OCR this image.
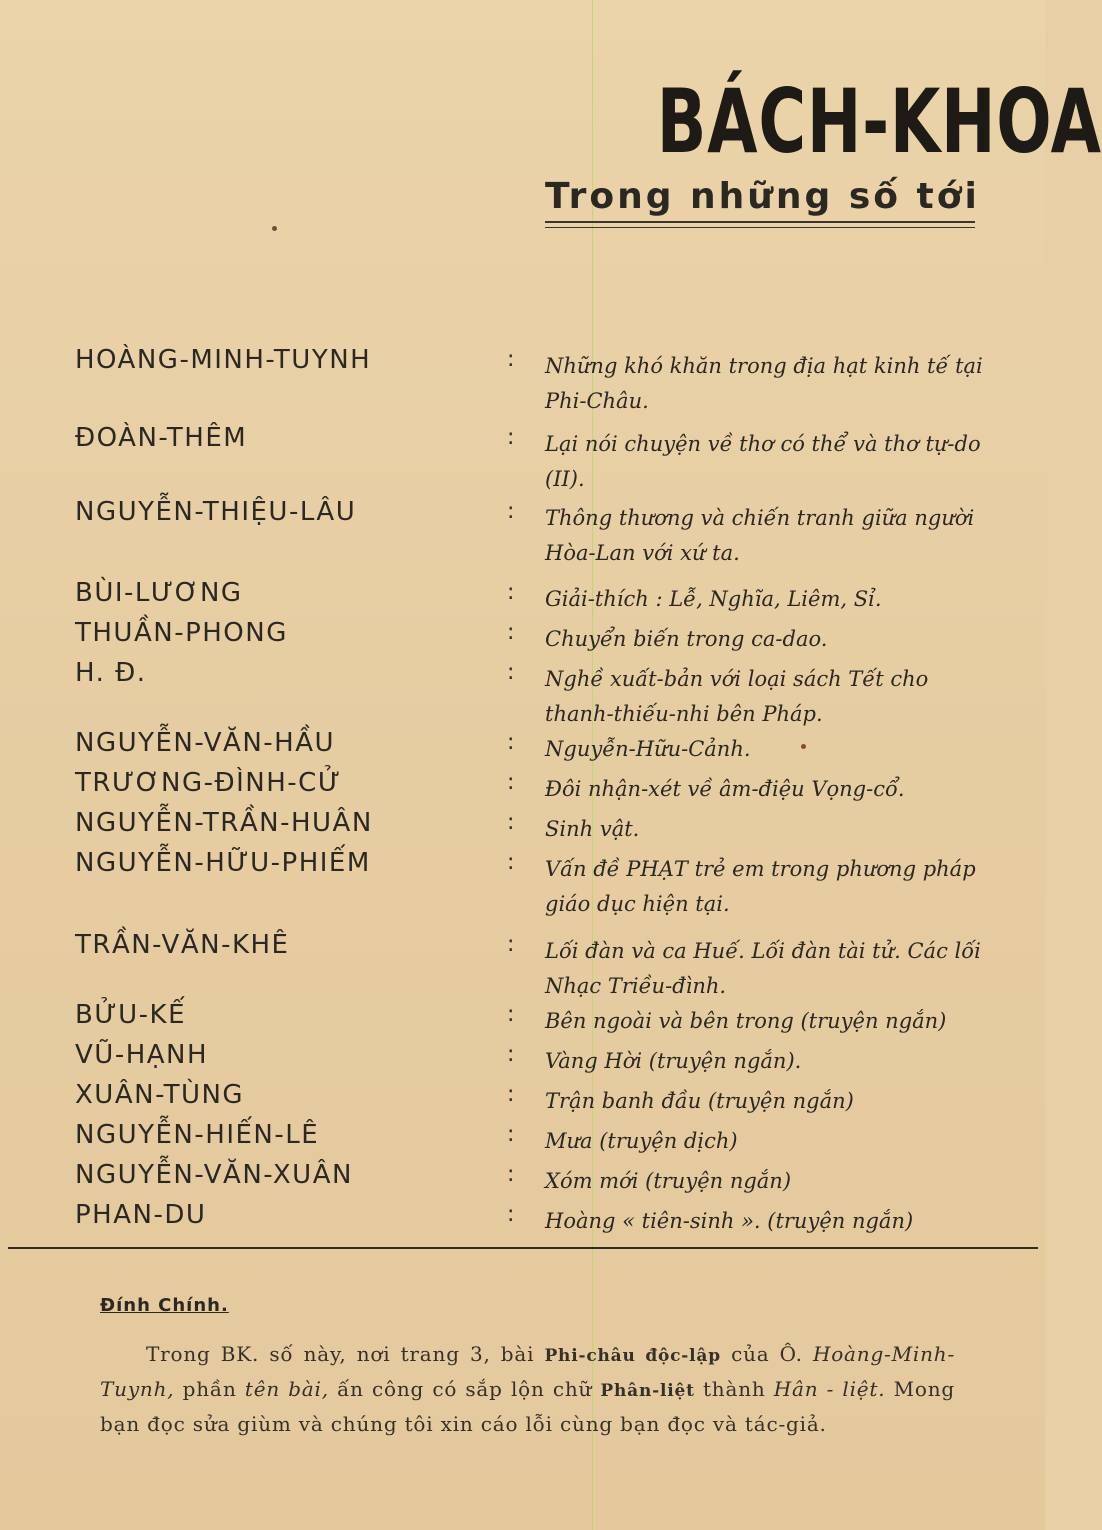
BÁCH-KHOA
Trong những số tới
HOÀNG-MINH-TUYNH	: Những khó khăn trong địa hạt kinh tế tại Phi-Châu.
ĐOÀN-THÊM	: Lại nói chuyện về thơ có thể và thơ tự-do (II).
NGUYỄN-THIỆU-LÂU	: Thông thương và chiến tranh giữa người Hòa-Lan với xứ ta.
BÙI-LƯƠNG	: Giải-thích : Lễ, Nghĩa, Liêm, Sỉ.
THUẦN-PHONG	: Chuyển biến trong ca-dao.
H. Đ.	: Nghề xuất-bản với loại sách Tết cho thanh-thiếu-nhi bên Pháp.
NGUYỄN-VĂN-HẦU	: Nguyễn-Hữu-Cảnh.
TRƯƠNG-ĐÌNH-CỬ	: Đôi nhận-xét về âm-điệu Vọng-cổ.
NGUYỄN-TRẦN-HUÂN	: Sinh vật.
NGUYỄN-HỮU-PHIẾM	: Vấn đề PHẠT trẻ em trong phương pháp giáo dục hiện tại.
TRẦN-VĂN-KHÊ	: Lối đàn và ca Huế. Lối đàn tài tử. Các lối Nhạc Triều-đình.
BỬU-KẾ	: Bên ngoài và bên trong (truyện ngắn)
VŨ-HẠNH	: Vàng Hời (truyện ngắn).
XUÂN-TÙNG	: Trận banh đầu (truyện ngắn)
NGUYỄN-HIẾN-LÊ	: Mưa (truyện dịch)
NGUYỄN-VĂN-XUÂN	: Xóm mới (truyện ngắn)
PHAN-DU	: Hoàng « tiên-sinh ». (truyện ngắn)
Đính Chính.
Trong BK. số này, nơi trang 3, bài Phi-châu độc-lập của Ô. Hoàng-Minh-Tuynh, phần tên bài, ấn công có sắp lộn chữ Phân-liệt thành Hân - liệt. Mong bạn đọc sửa giùm và chúng tôi xin cáo lỗi cùng bạn đọc và tác-giả.
